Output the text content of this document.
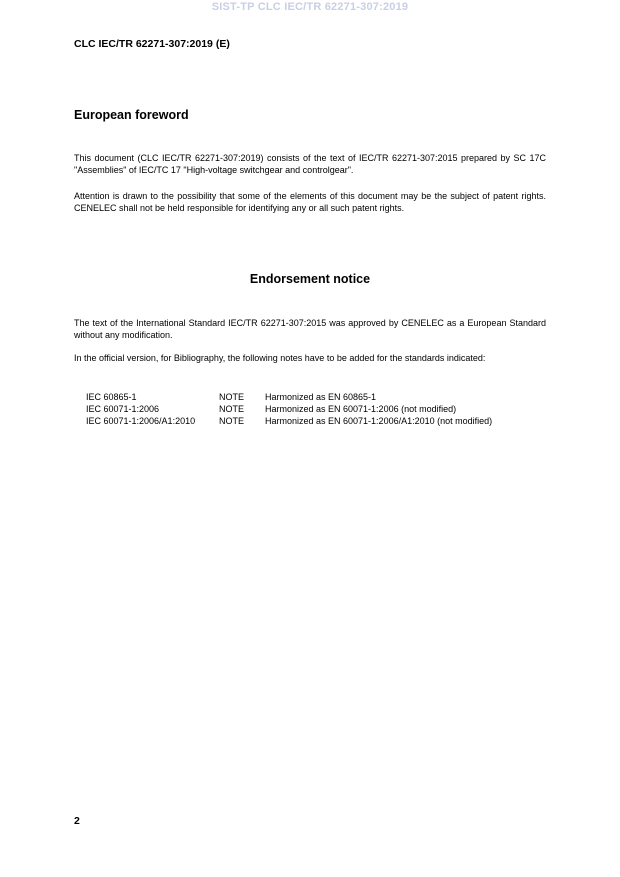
SIST-TP CLC IEC/TR 62271-307:2019
CLC IEC/TR 62271-307:2019 (E)
European foreword
This document (CLC IEC/TR 62271-307:2019) consists of the text of IEC/TR 62271-307:2015 prepared by SC 17C "Assemblies" of IEC/TC 17 "High-voltage switchgear and controlgear".
Attention is drawn to the possibility that some of the elements of this document may be the subject of patent rights. CENELEC shall not be held responsible for identifying any or all such patent rights.
Endorsement notice
The text of the International Standard IEC/TR 62271-307:2015 was approved by CENELEC as a European Standard without any modification.
In the official version, for Bibliography, the following notes have to be added for the standards indicated:
IEC 60865-1	NOTE	Harmonized as EN 60865-1
IEC 60071-1:2006	NOTE	Harmonized as EN 60071-1:2006 (not modified)
IEC 60071-1:2006/A1:2010	NOTE	Harmonized as EN 60071-1:2006/A1:2010 (not modified)
2
